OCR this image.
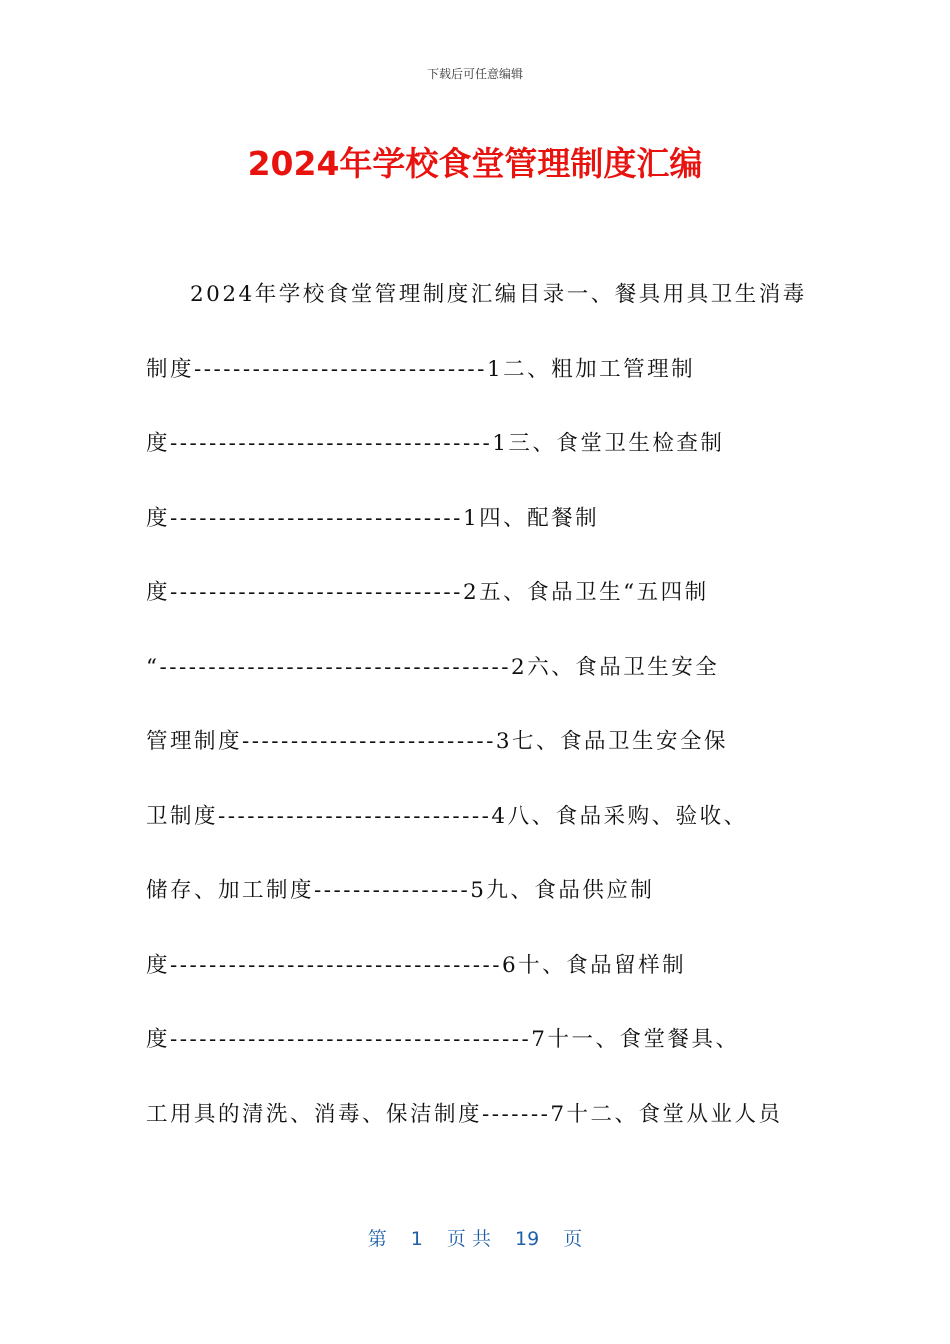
下载后可任意编辑
2024年学校食堂管理制度汇编
2024年学校食堂管理制度汇编目录一、餐具用具卫生消毒
制度------------------------------1二、粗加工管理制
度---------------------------------1三、食堂卫生检查制
度------------------------------1四、配餐制
度------------------------------2五、食品卫生“五四制
“------------------------------------2六、食品卫生安全
管理制度--------------------------3七、食品卫生安全保
卫制度----------------------------4八、食品采购、验收、
储存、加工制度----------------5九、食品供应制
度----------------------------------6十、食品留样制
度-------------------------------------7十一、食堂餐具、
工用具的清洗、消毒、保洁制度-------7十二、食堂从业人员
第 1 页 共 19 页
